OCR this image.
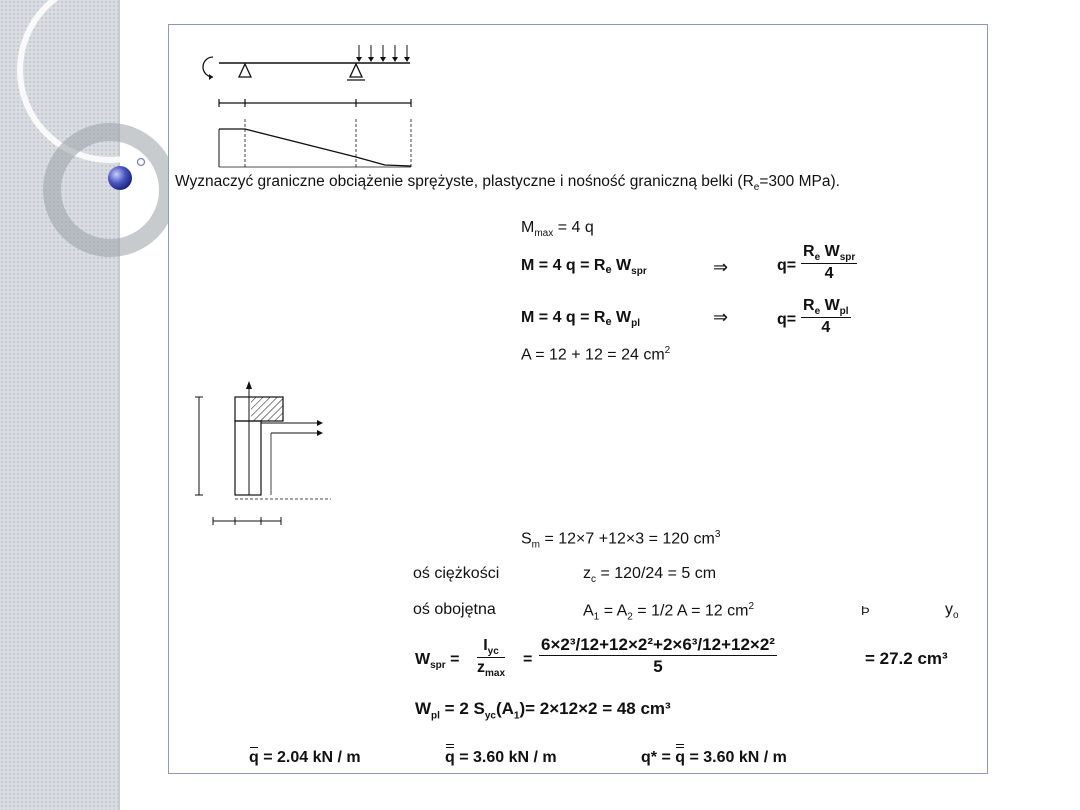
Wyznaczyć graniczne obciążenie sprężyste, plastyczne i nośność graniczną belki ($R_e=300$ MPa).
$M_{max} = 4$ q
M = 4 q = Re $W_{spr}$	⇒	q=
$R_e$ $W_{spr}$
4
M = 4 q = Re $W_{pl}$	⇒	q=
$R_e$ $W_{pl}$
4
A = 12 + 12 = 24 $cm^2$
$S_m = 12\times 7 +12\times 3 = 120$ $cm^3$
oś ciężkości	$z_c = 120/24 = 5$ cm
oś obojętna	$A_1 = A_2 = 1/2$ A = 12 $cm^2$	Þ	$y_o$
$W_{spr}$ =
$I_{yc}$
$z_{max}$
= $\frac{\text{6×2³/12+12×2²+2×6³/12+12×2²}}{5}$	= 27.2 cm³
$W_{pl} = 2$ $S_{yc}(A_1)= 2\times 12\times 2 = 48$ cm³
q = 2.04 kN / m	q = 3.60 kN / m	q* = q = 3.60 kN / m
